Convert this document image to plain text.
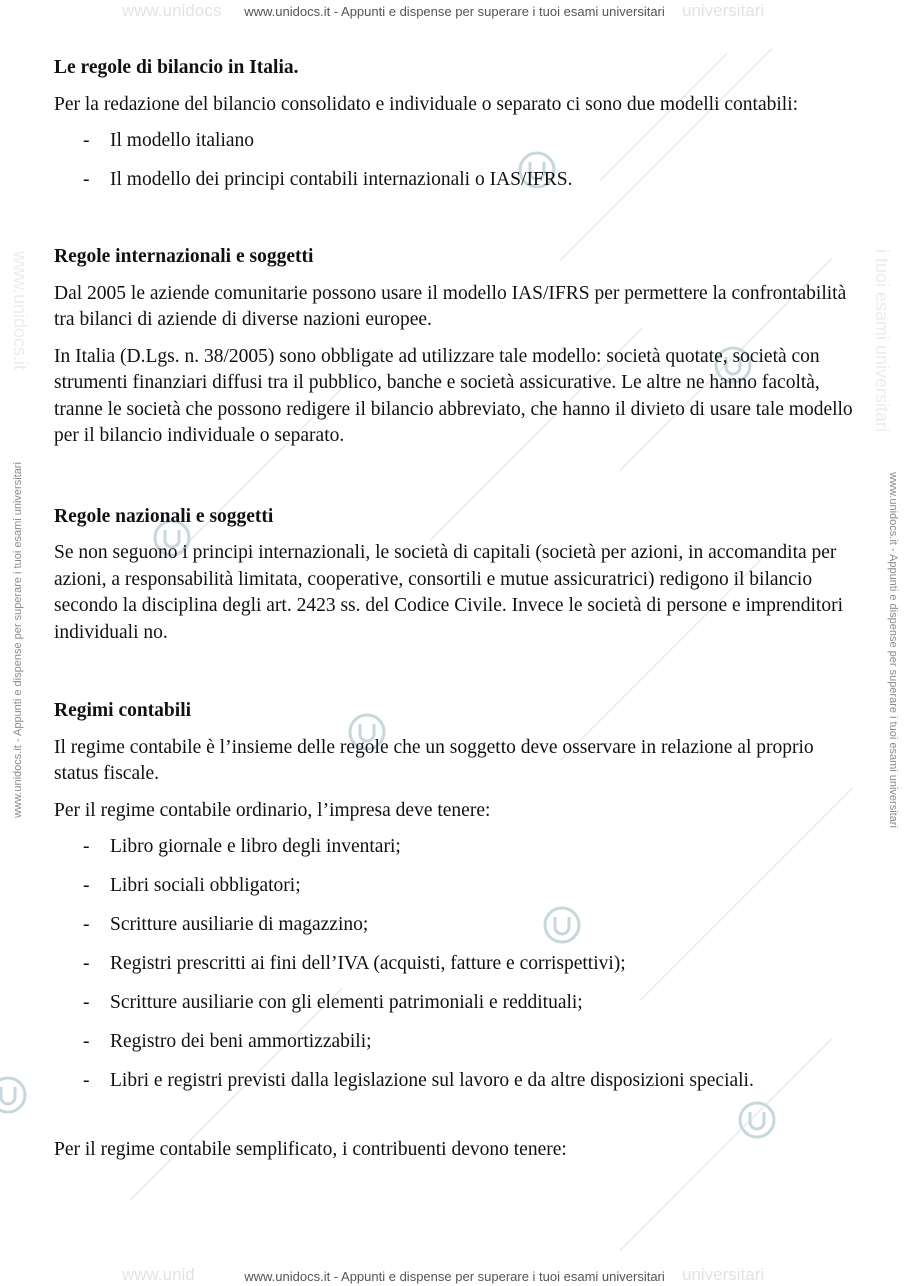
www.unidocs	universitari
www.unid	universitari
www.unidocs.it - Appunti e dispense per superare i tuoi esami universitari
www.unidocs.it - Appunti e dispense per superare i tuoi esami universitari
www.unidocs.it - Appunti e dispense per superare i tuoi esami universitari	www.unidocs.it - Appunti e dispense per superare i tuoi esami universitari
www.unidocs.it	i tuoi esami universitari
Le regole di bilancio in Italia.
Per la redazione del bilancio consolidato e individuale o separato ci sono due modelli contabili:
- Il modello italiano
- Il modello dei principi contabili internazionali o IAS/IFRS.
Regole internazionali e soggetti
Dal 2005 le aziende comunitarie possono usare il modello IAS/IFRS per permettere la confrontabilità tra bilanci di aziende di diverse nazioni europee.
In Italia (D.Lgs. n. 38/2005) sono obbligate ad utilizzare tale modello: società quotate, società con strumenti finanziari diffusi tra il pubblico, banche e società assicurative. Le altre ne hanno facoltà, tranne le società che possono redigere il bilancio abbreviato, che hanno il divieto di usare tale modello per il bilancio individuale o separato.
Regole nazionali e soggetti
Se non seguono i principi internazionali, le società di capitali (società per azioni, in accomandita per azioni, a responsabilità limitata, cooperative, consortili e mutue assicuratrici) redigono il bilancio secondo la disciplina degli art. 2423 ss. del Codice Civile. Invece le società di persone e imprenditori individuali no.
Regimi contabili
Il regime contabile è l’insieme delle regole che un soggetto deve osservare in relazione al proprio status fiscale.
Per il regime contabile ordinario, l’impresa deve tenere:
- Libro giornale e libro degli inventari;
- Libri sociali obbligatori;
- Scritture ausiliarie di magazzino;
- Registri prescritti ai fini dell’IVA (acquisti, fatture e corrispettivi);
- Scritture ausiliarie con gli elementi patrimoniali e reddituali;
- Registro dei beni ammortizzabili;
- Libri e registri previsti dalla legislazione sul lavoro e da altre disposizioni speciali.
Per il regime contabile semplificato, i contribuenti devono tenere:
